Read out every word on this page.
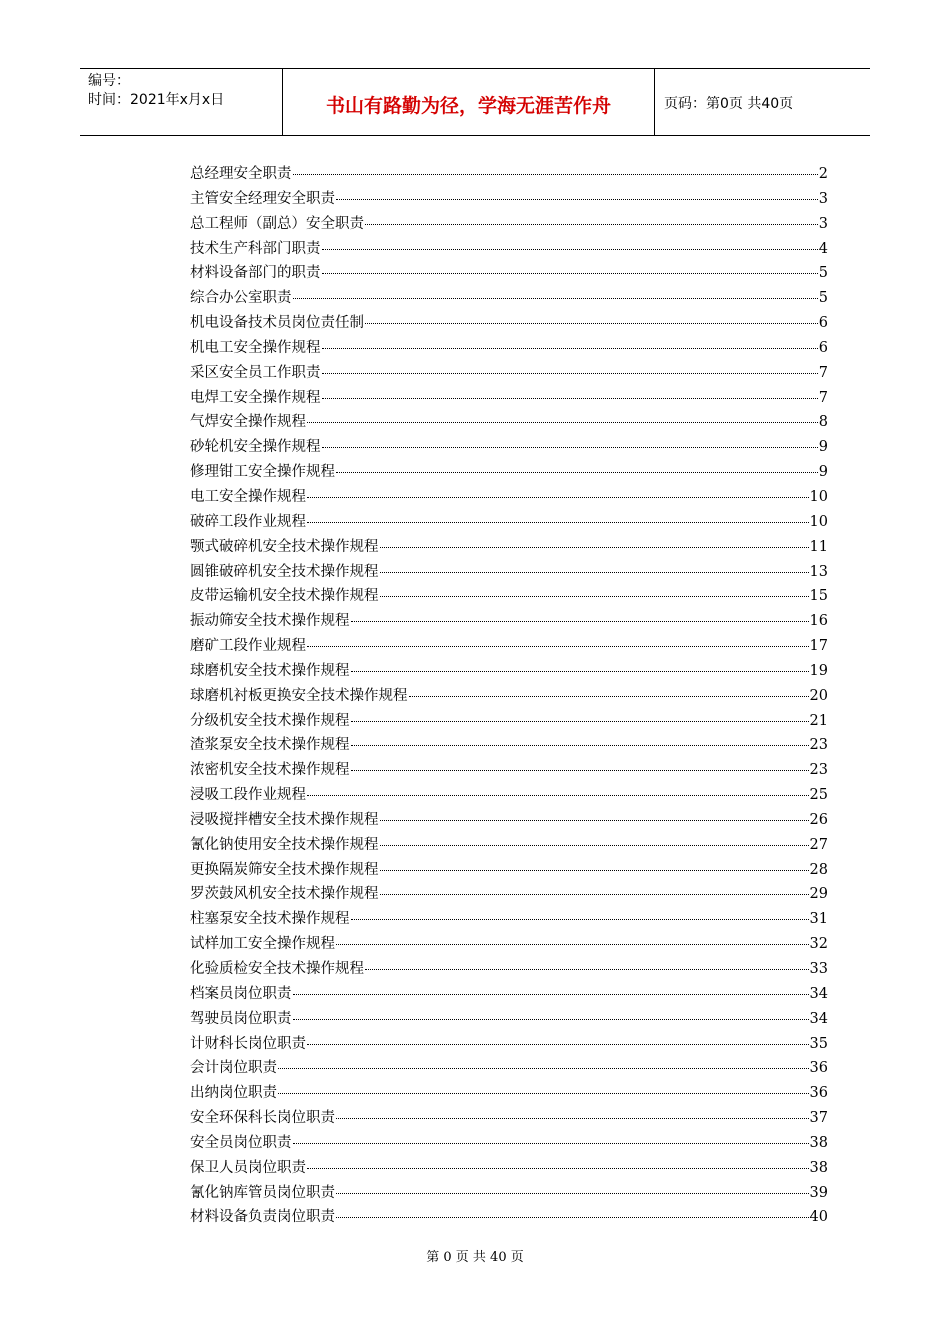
编号：
时间：2021年x月x日	书山有路勤为径，学海无涯苦作舟	页码：第0页 共40页
总经理安全职责	2
主管安全经理安全职责	3
总工程师（副总）安全职责	3
技术生产科部门职责	4
材料设备部门的职责	5
综合办公室职责	5
机电设备技术员岗位责任制	6
机电工安全操作规程	6
采区安全员工作职责	7
电焊工安全操作规程	7
气焊安全操作规程	8
砂轮机安全操作规程	9
修理钳工安全操作规程	9
电工安全操作规程	10
破碎工段作业规程	10
颚式破碎机安全技术操作规程	11
圆锥破碎机安全技术操作规程	13
皮带运输机安全技术操作规程	15
振动筛安全技术操作规程	16
磨矿工段作业规程	17
球磨机安全技术操作规程	19
球磨机衬板更换安全技术操作规程	20
分级机安全技术操作规程	21
渣浆泵安全技术操作规程	23
浓密机安全技术操作规程	23
浸吸工段作业规程	25
浸吸搅拌槽安全技术操作规程	26
氰化钠使用安全技术操作规程	27
更换隔炭筛安全技术操作规程	28
罗茨鼓风机安全技术操作规程	29
柱塞泵安全技术操作规程	31
试样加工安全操作规程	32
化验质检安全技术操作规程	33
档案员岗位职责	34
驾驶员岗位职责	34
计财科长岗位职责	35
会计岗位职责	36
出纳岗位职责	36
安全环保科长岗位职责	37
安全员岗位职责	38
保卫人员岗位职责	38
氰化钠库管员岗位职责	39
材料设备负责岗位职责	40
第 0 页 共 40 页
